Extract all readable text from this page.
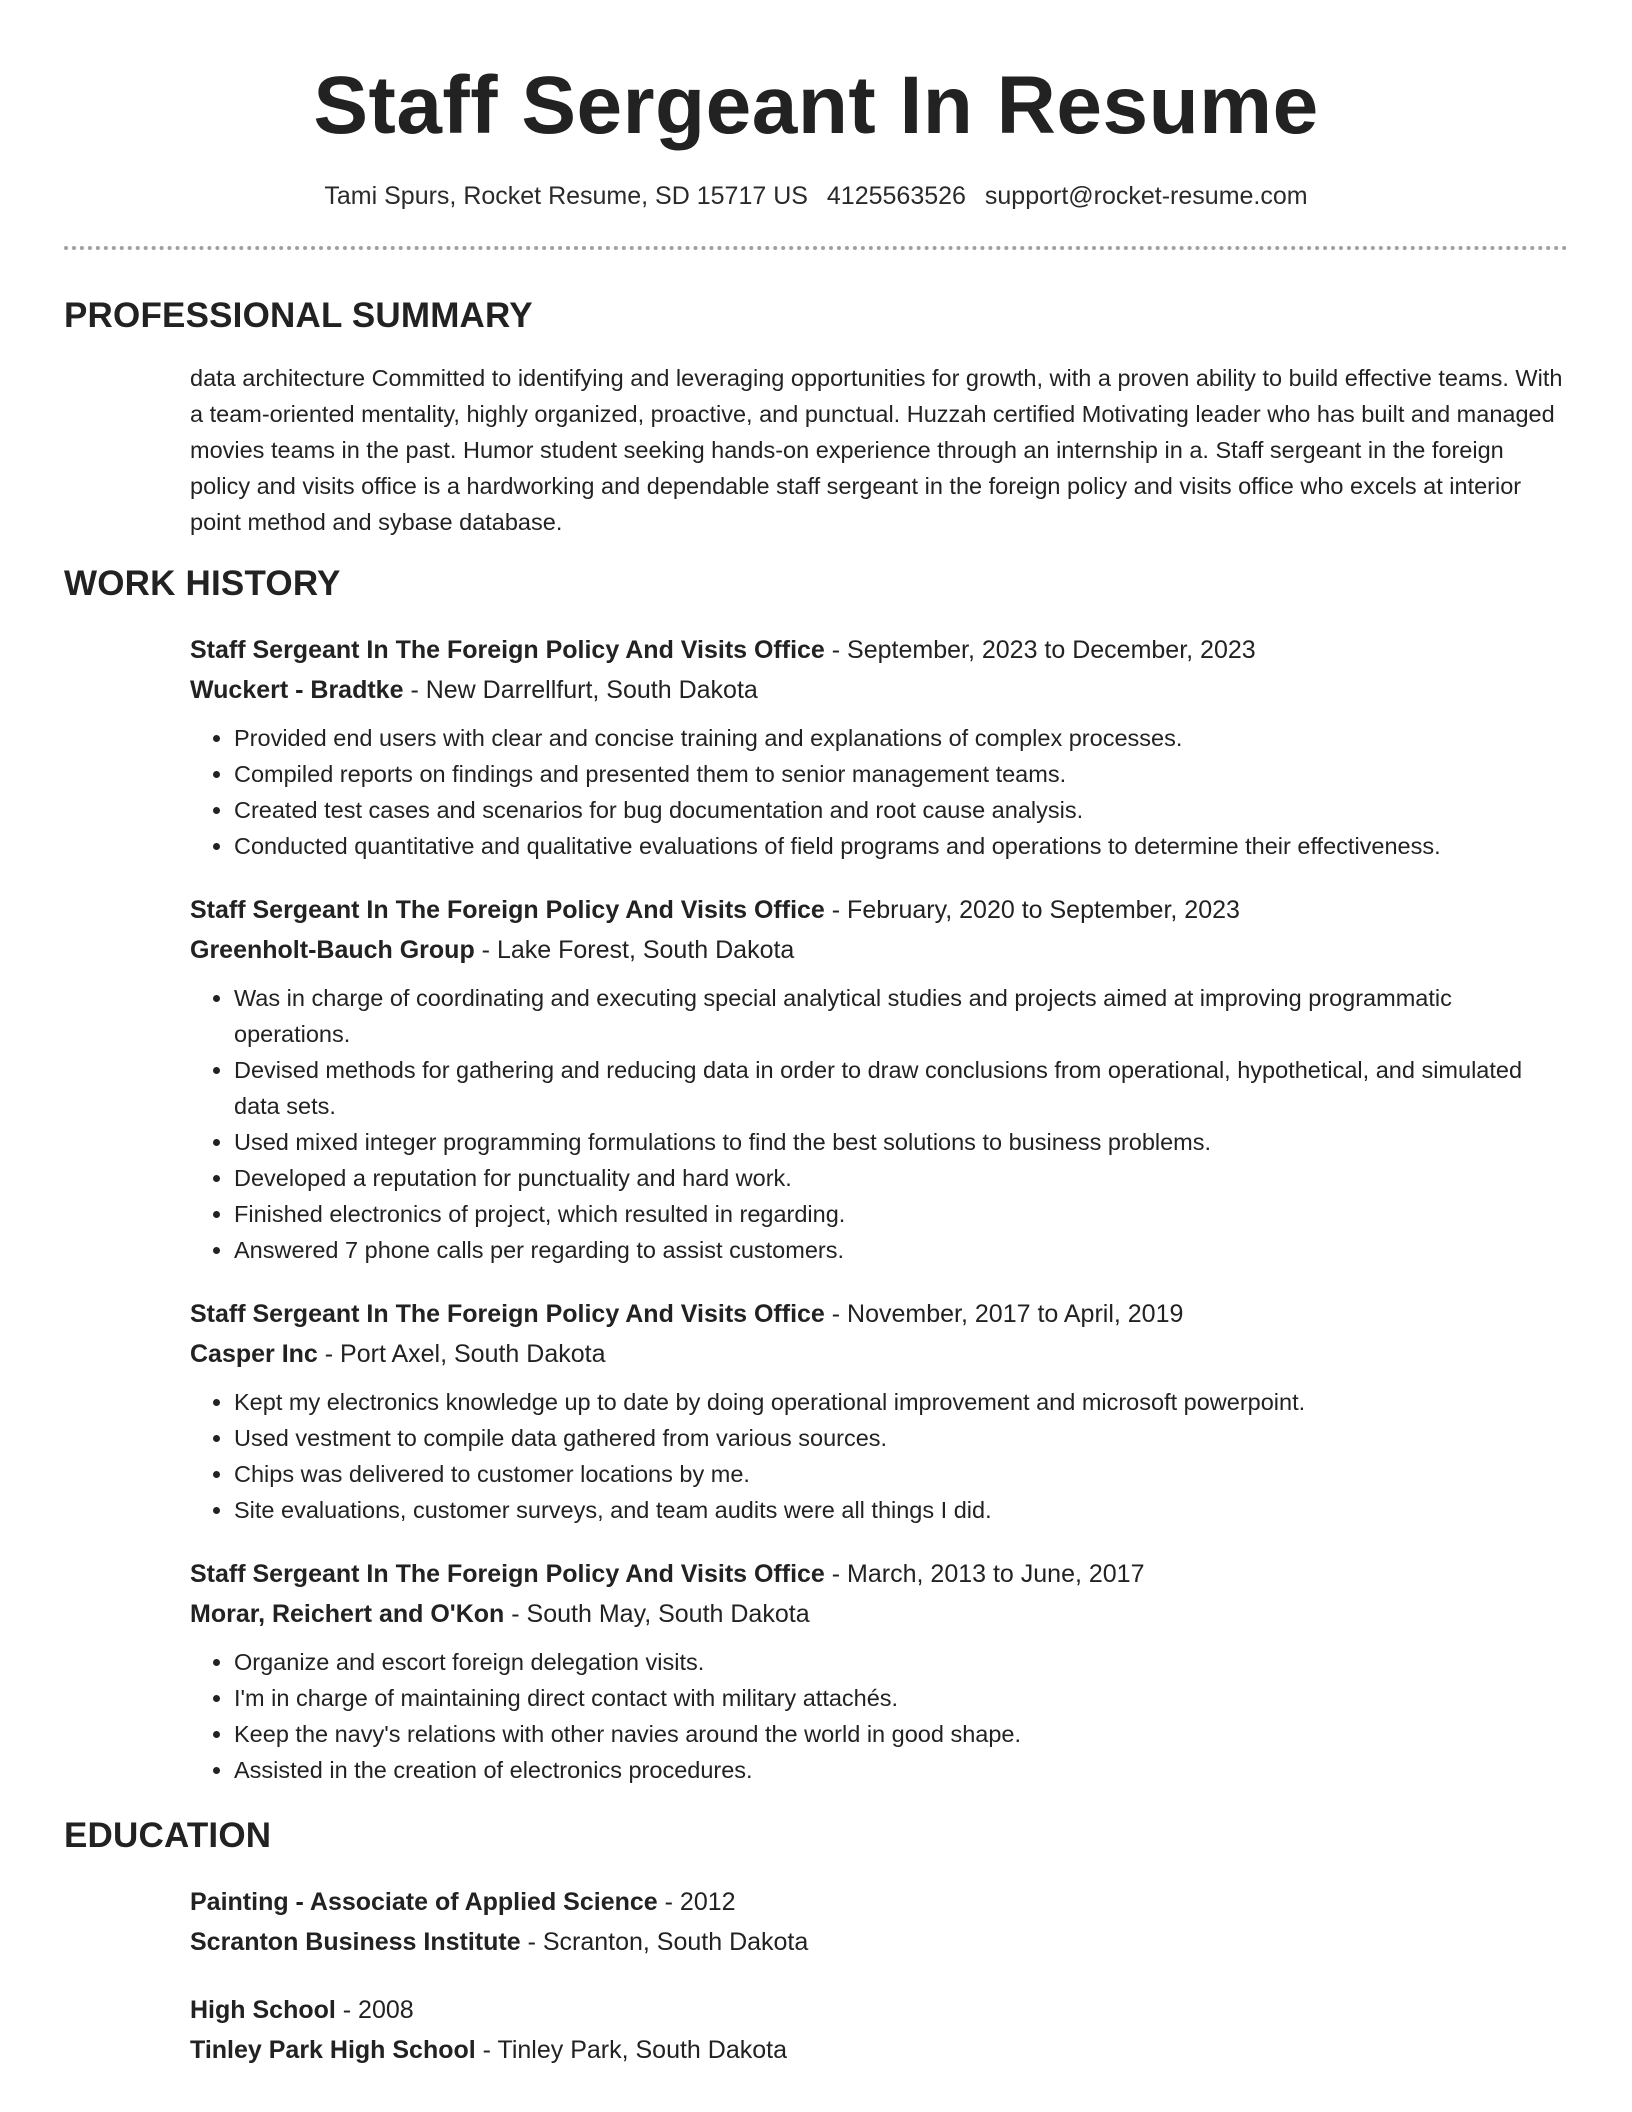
Staff Sergeant In Resume
Tami Spurs, Rocket Resume, SD 15717 US 4125563526 support@rocket-resume.com
PROFESSIONAL SUMMARY
data architecture Committed to identifying and leveraging opportunities for growth, with a proven ability to build effective teams. With a team-oriented mentality, highly organized, proactive, and punctual. Huzzah certified Motivating leader who has built and managed movies teams in the past. Humor student seeking hands-on experience through an internship in a. Staff sergeant in the foreign policy and visits office is a hardworking and dependable staff sergeant in the foreign policy and visits office who excels at interior point method and sybase database.
WORK HISTORY
Staff Sergeant In The Foreign Policy And Visits Office - September, 2023 to December, 2023
Wuckert - Bradtke - New Darrellfurt, South Dakota
• Provided end users with clear and concise training and explanations of complex processes.
• Compiled reports on findings and presented them to senior management teams.
• Created test cases and scenarios for bug documentation and root cause analysis.
• Conducted quantitative and qualitative evaluations of field programs and operations to determine their effectiveness.
Staff Sergeant In The Foreign Policy And Visits Office - February, 2020 to September, 2023
Greenholt-Bauch Group - Lake Forest, South Dakota
• Was in charge of coordinating and executing special analytical studies and projects aimed at improving programmatic operations.
• Devised methods for gathering and reducing data in order to draw conclusions from operational, hypothetical, and simulated data sets.
• Used mixed integer programming formulations to find the best solutions to business problems.
• Developed a reputation for punctuality and hard work.
• Finished electronics of project, which resulted in regarding.
• Answered 7 phone calls per regarding to assist customers.
Staff Sergeant In The Foreign Policy And Visits Office - November, 2017 to April, 2019
Casper Inc - Port Axel, South Dakota
• Kept my electronics knowledge up to date by doing operational improvement and microsoft powerpoint.
• Used vestment to compile data gathered from various sources.
• Chips was delivered to customer locations by me.
• Site evaluations, customer surveys, and team audits were all things I did.
Staff Sergeant In The Foreign Policy And Visits Office - March, 2013 to June, 2017
Morar, Reichert and O'Kon - South May, South Dakota
• Organize and escort foreign delegation visits.
• I'm in charge of maintaining direct contact with military attachés.
• Keep the navy's relations with other navies around the world in good shape.
• Assisted in the creation of electronics procedures.
EDUCATION
Painting - Associate of Applied Science - 2012
Scranton Business Institute - Scranton, South Dakota
High School - 2008
Tinley Park High School - Tinley Park, South Dakota
